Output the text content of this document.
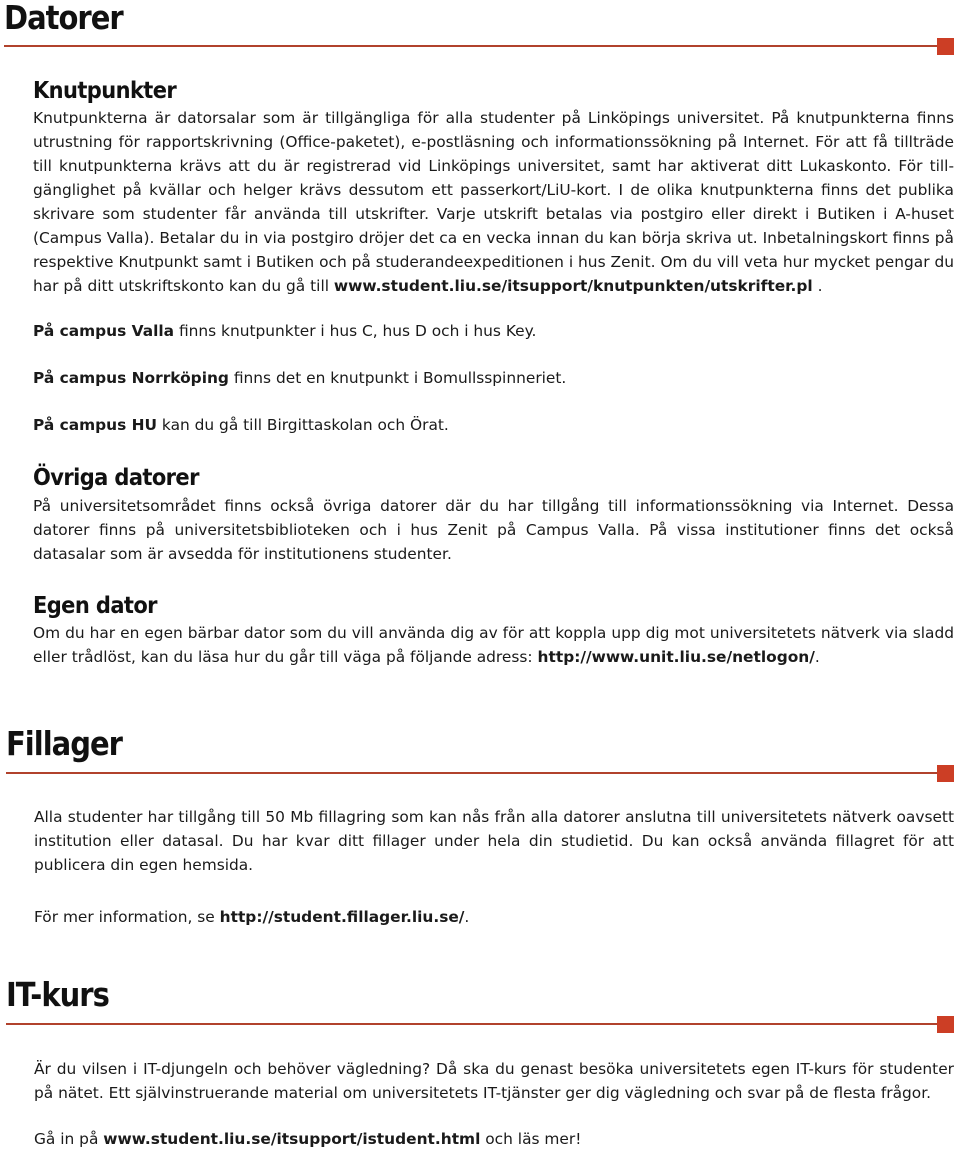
Datorer
Knutpunkter

Knutpunkterna är datorsalar som är tillgängliga för alla studenter på Linköpings universitet. På knutpunkterna finns utrustning för rapportskrivning (Office-paketet), e-postläsning och informationssökning på Internet. För att få tillträde till knutpunkterna krävs att du är registrerad vid Linköpings universitet, samt har aktiverat ditt Lukaskonto. För till-gänglighet på kvällar och helger krävs dessutom ett passerkort/LiU-kort. I de olika knutpunkterna finns det publika skrivare som studenter får använda till utskrifter. Varje utskrift betalas via postgiro eller direkt i Butiken i A-huset (Campus Valla). Betalar du in via postgiro dröjer det ca en vecka innan du kan börja skriva ut. Inbetalningskort finns på respektive Knutpunkt samt i Butiken och på studerandeexpeditionen i hus Zenit. Om du vill veta hur mycket pengar du har på ditt utskriftskonto kan du gå till www.student.liu.se/itsupport/knutpunkten/utskrifter.pl .

På campus Valla finns knutpunkter i hus C, hus D och i hus Key.

På campus Norrköping finns det en knutpunkt i Bomullsspinneriet.

På campus HU kan du gå till Birgittaskolan och Örat.

Övriga datorer

På universitetsområdet finns också övriga datorer där du har tillgång till informationssökning via Internet. Dessa datorer finns på universitetsbiblioteken och i hus Zenit på Campus Valla. På vissa institutioner finns det också datasalar som är avsedda för institutionens studenter.

Egen dator

Om du har en egen bärbar dator som du vill använda dig av för att koppla upp dig mot universitetets nätverk via sladd eller trådlöst, kan du läsa hur du går till väga på följande adress: http://www.unit.liu.se/netlogon/.

Fillager

Alla studenter har tillgång till 50 Mb fillagring som kan nås från alla datorer anslutna till universitetets nätverk oavsett institution eller datasal. Du har kvar ditt fillager under hela din studietid. Du kan också använda fillagret för att publicera din egen hemsida.

För mer information, se http://student.fillager.liu.se/.

IT-kurs

Är du vilsen i IT-djungeln och behöver vägledning? Då ska du genast besöka universitetets egen IT-kurs för studenter på nätet. Ett självinstruerande material om universitetets IT-tjänster ger dig vägledning och svar på de flesta frågor.

Gå in på www.student.liu.se/itsupport/istudent.html och läs mer!
